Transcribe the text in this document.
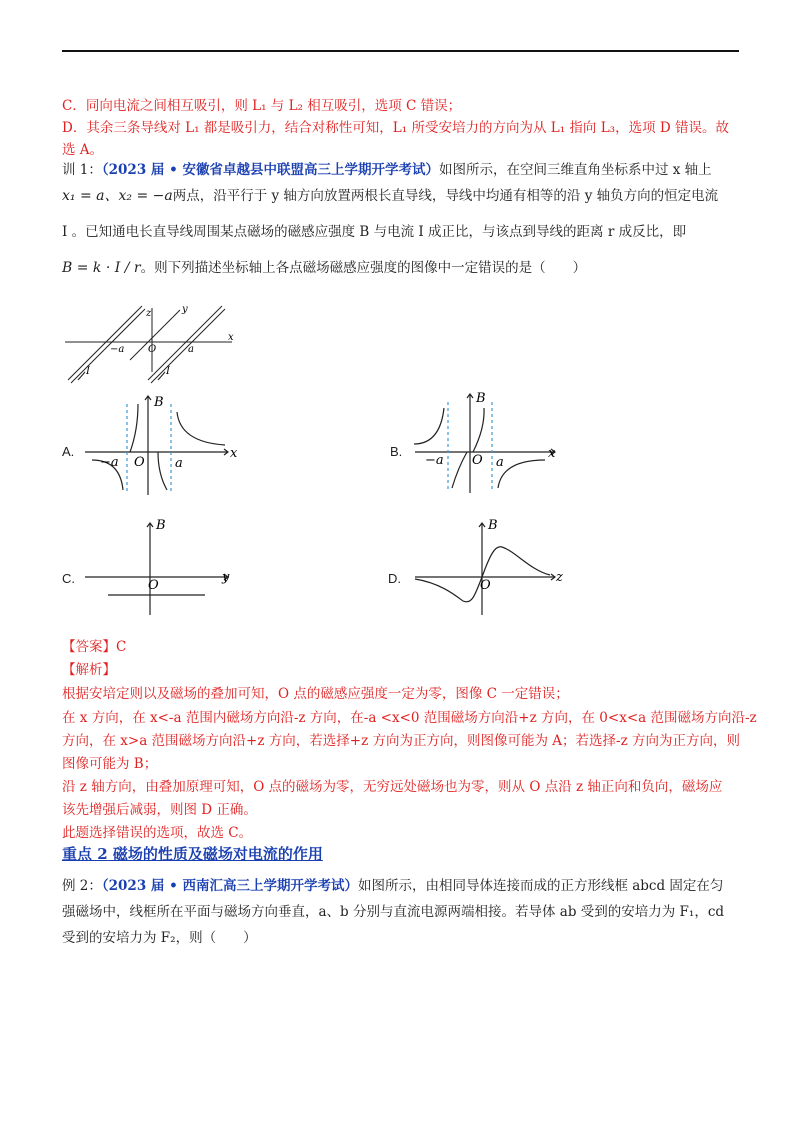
C．同向电流之间相互吸引，则 L₁ 与 L₂ 相互吸引，选项 C 错误；
D．其余三条导线对 L₁ 都是吸引力，结合对称性可知，L₁ 所受安培力的方向为从 L₁ 指向 L₃，选项 D 错误。故
选 A。
训 1：（2023 届 • 安徽省卓越县中联盟高三上学期开学考试）如图所示，在空间三维直角坐标系中过 x 轴上
x₁ = a、x₂ = −a两点，沿平行于 y 轴方向放置两根长直导线，导线中均通有相等的沿 y 轴负方向的恒定电流
I 。已知通电长直导线周围某点磁场的磁感应强度 B 与电流 I 成正比，与该点到导线的距离 r 成反比，即
B = k · I / r。则下列描述坐标轴上各点磁场磁感应强度的图像中一定错误的是（　　）
x
y
z
O
−a	a
I	I
A.
B
x
O
−a	a
B.
B
x
O
−a	a
C.
B
y
O	D.
B
z
O
【答案】C
【解析】
根据安培定则以及磁场的叠加可知，O 点的磁感应强度一定为零，图像 C 一定错误；
在 x 方向，在 x<-a 范围内磁场方向沿-z 方向，在-a <x<0 范围磁场方向沿+z 方向，在 0<x<a 范围磁场方向沿-z
方向，在 x>a 范围磁场方向沿+z 方向，若选择+z 方向为正方向，则图像可能为 A；若选择-z 方向为正方向，则
图像可能为 B；
沿 z 轴方向，由叠加原理可知，O 点的磁场为零，无穷远处磁场也为零，则从 O 点沿 z 轴正向和负向，磁场应
该先增强后减弱，则图 D 正确。
此题选择错误的选项，故选 C。
重点 2 磁场的性质及磁场对电流的作用
例 2：（2023 届 • 西南汇高三上学期开学考试）如图所示，由相同导体连接而成的正方形线框 abcd 固定在匀
强磁场中，线框所在平面与磁场方向垂直，a、b 分别与直流电源两端相接。若导体 ab 受到的安培力为 F₁，cd
受到的安培力为 F₂，则（　　）
